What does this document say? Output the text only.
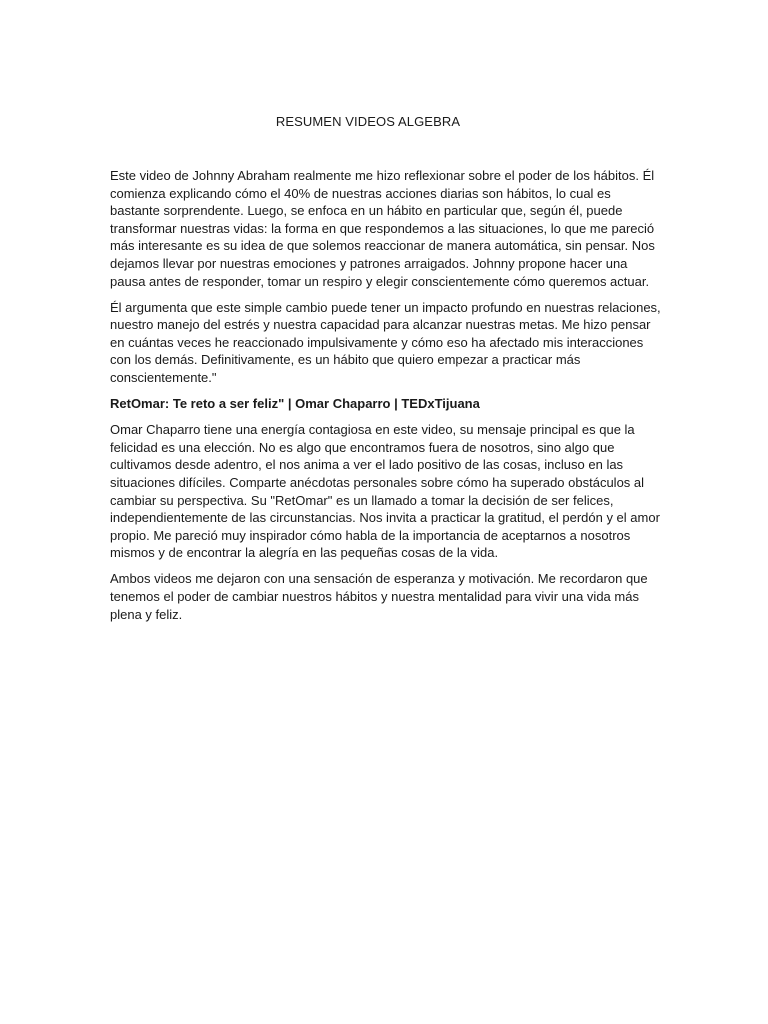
RESUMEN VIDEOS ALGEBRA

Este video de Johnny Abraham realmente me hizo reflexionar sobre el poder de los hábitos. Él comienza explicando cómo el 40% de nuestras acciones diarias son hábitos, lo cual es bastante sorprendente. Luego, se enfoca en un hábito en particular que, según él, puede transformar nuestras vidas: la forma en que respondemos a las situaciones, lo que me pareció más interesante es su idea de que solemos reaccionar de manera automática, sin pensar. Nos dejamos llevar por nuestras emociones y patrones arraigados. Johnny propone hacer una pausa antes de responder, tomar un respiro y elegir conscientemente cómo queremos actuar.

Él argumenta que este simple cambio puede tener un impacto profundo en nuestras relaciones, nuestro manejo del estrés y nuestra capacidad para alcanzar nuestras metas. Me hizo pensar en cuántas veces he reaccionado impulsivamente y cómo eso ha afectado mis interacciones con los demás. Definitivamente, es un hábito que quiero empezar a practicar más conscientemente."

RetOmar: Te reto a ser feliz" | Omar Chaparro | TEDxTijuana

Omar Chaparro tiene una energía contagiosa en este video, su mensaje principal es que la felicidad es una elección. No es algo que encontramos fuera de nosotros, sino algo que cultivamos desde adentro, el nos anima a ver el lado positivo de las cosas, incluso en las situaciones difíciles. Comparte anécdotas personales sobre cómo ha superado obstáculos al cambiar su perspectiva. Su "RetOmar" es un llamado a tomar la decisión de ser felices, independientemente de las circunstancias. Nos invita a practicar la gratitud, el perdón y el amor propio. Me pareció muy inspirador cómo habla de la importancia de aceptarnos a nosotros mismos y de encontrar la alegría en las pequeñas cosas de la vida.

Ambos videos me dejaron con una sensación de esperanza y motivación. Me recordaron que tenemos el poder de cambiar nuestros hábitos y nuestra mentalidad para vivir una vida más plena y feliz.
